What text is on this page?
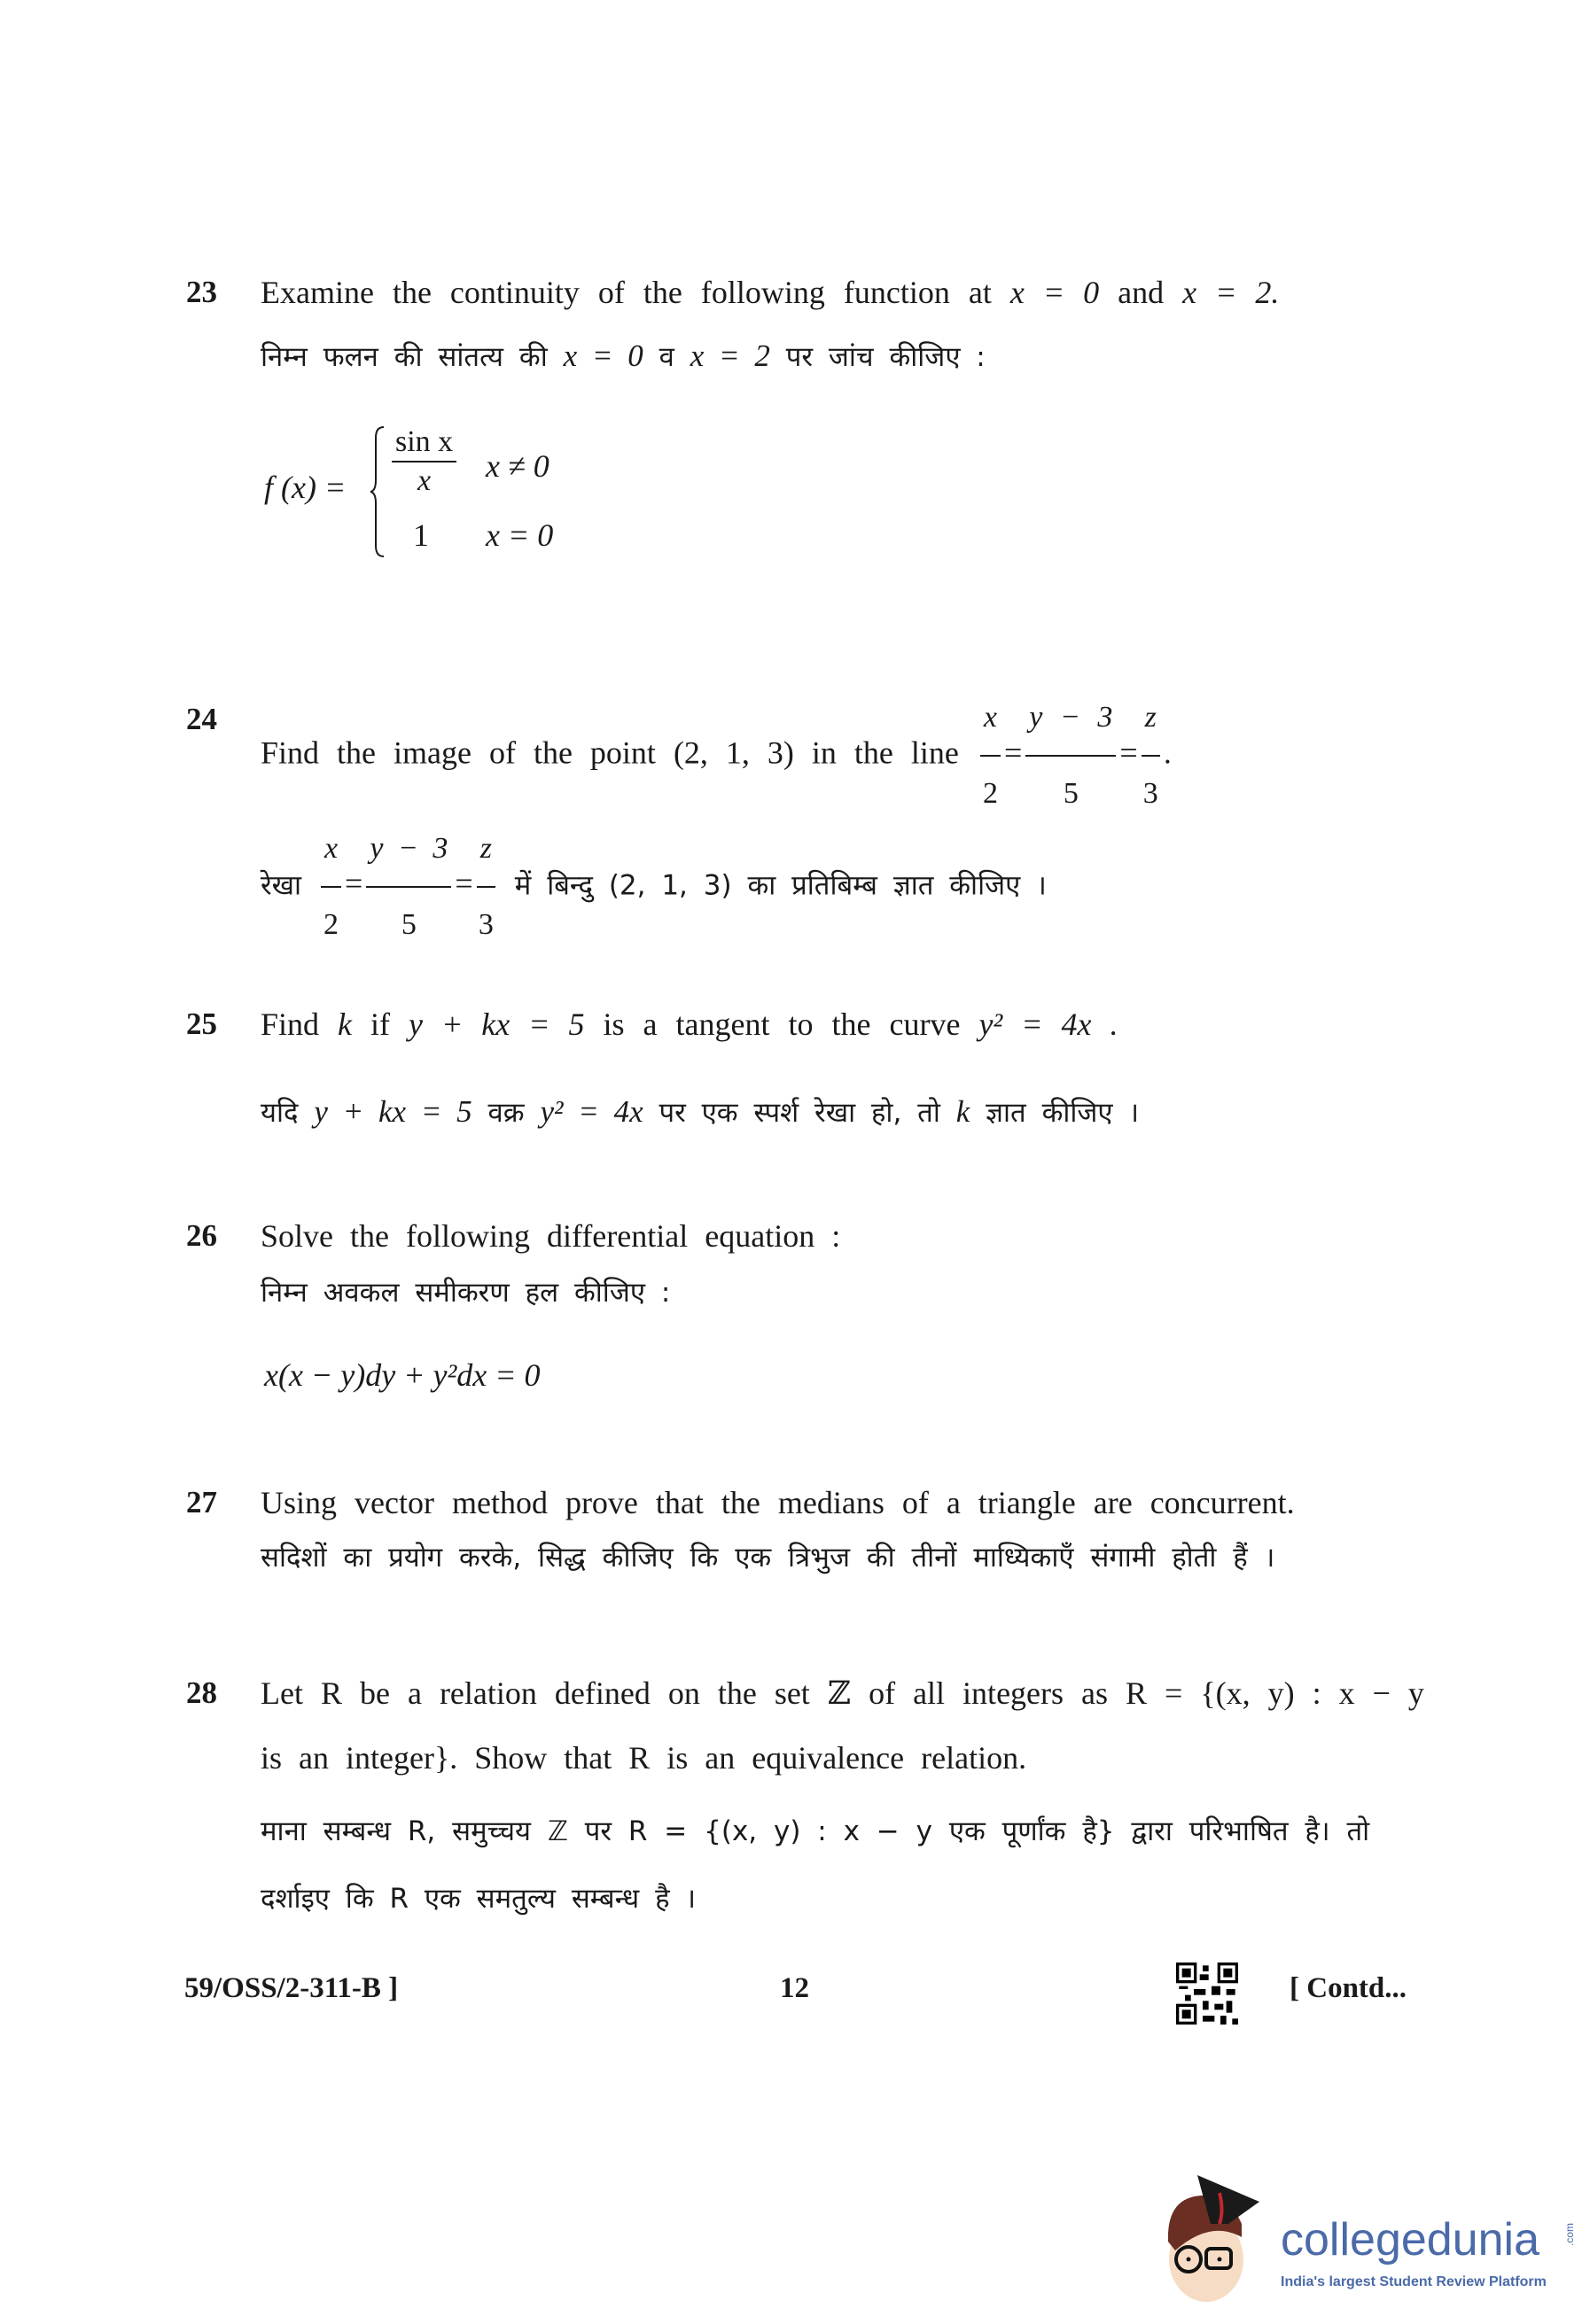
23 Examine the continuity of the following function at x = 0 and x = 2.
निम्न फलन की सांतत्य की x = 0 व x = 2 पर जांच कीजिए :
f $(x) = \frac{\text{sin x}}{x}$ x ≠ 0
1 x = 0
24
Find the image of the point (2, 1, 3) in the line $\frac{x}{2} = \frac{y - 3}{5} = \frac{z}{3}$ .
रेखा $\frac{x}{2} = \frac{y - 3}{5} = \frac{z}{3}$ में बिन्दु (2, 1, 3) का प्रतिबिम्ब ज्ञात कीजिए ।
25 Find k if y + kx = 5 is a tangent to the curve y² = 4x .
यदि y + kx = 5 वक्र y² = 4x पर एक स्पर्श रेखा हो, तो k ज्ञात कीजिए ।
26 Solve the following differential equation :
निम्न अवकल समीकरण हल कीजिए :
x(x − y)dy + y²dx = 0
27 Using vector method prove that the medians of a triangle are concurrent.
सदिशों का प्रयोग करके, सिद्ध कीजिए कि एक त्रिभुज की तीनों माध्यिकाएँ संगामी होती हैं ।
28 Let R be a relation defined on the set ℤ of all integers as R = {(x, y) : x − y
is an integer}. Show that R is an equivalence relation.
माना सम्बन्ध R, समुच्चय ℤ पर R = {(x, y) : x − y एक पूर्णांक है} द्वारा परिभाषित है। तो
दर्शाइए कि R एक समतुल्य सम्बन्ध है ।
59/OSS/2-311-B ]	12	[ Contd...
collegedunia .com
India's largest Student Review Platform
